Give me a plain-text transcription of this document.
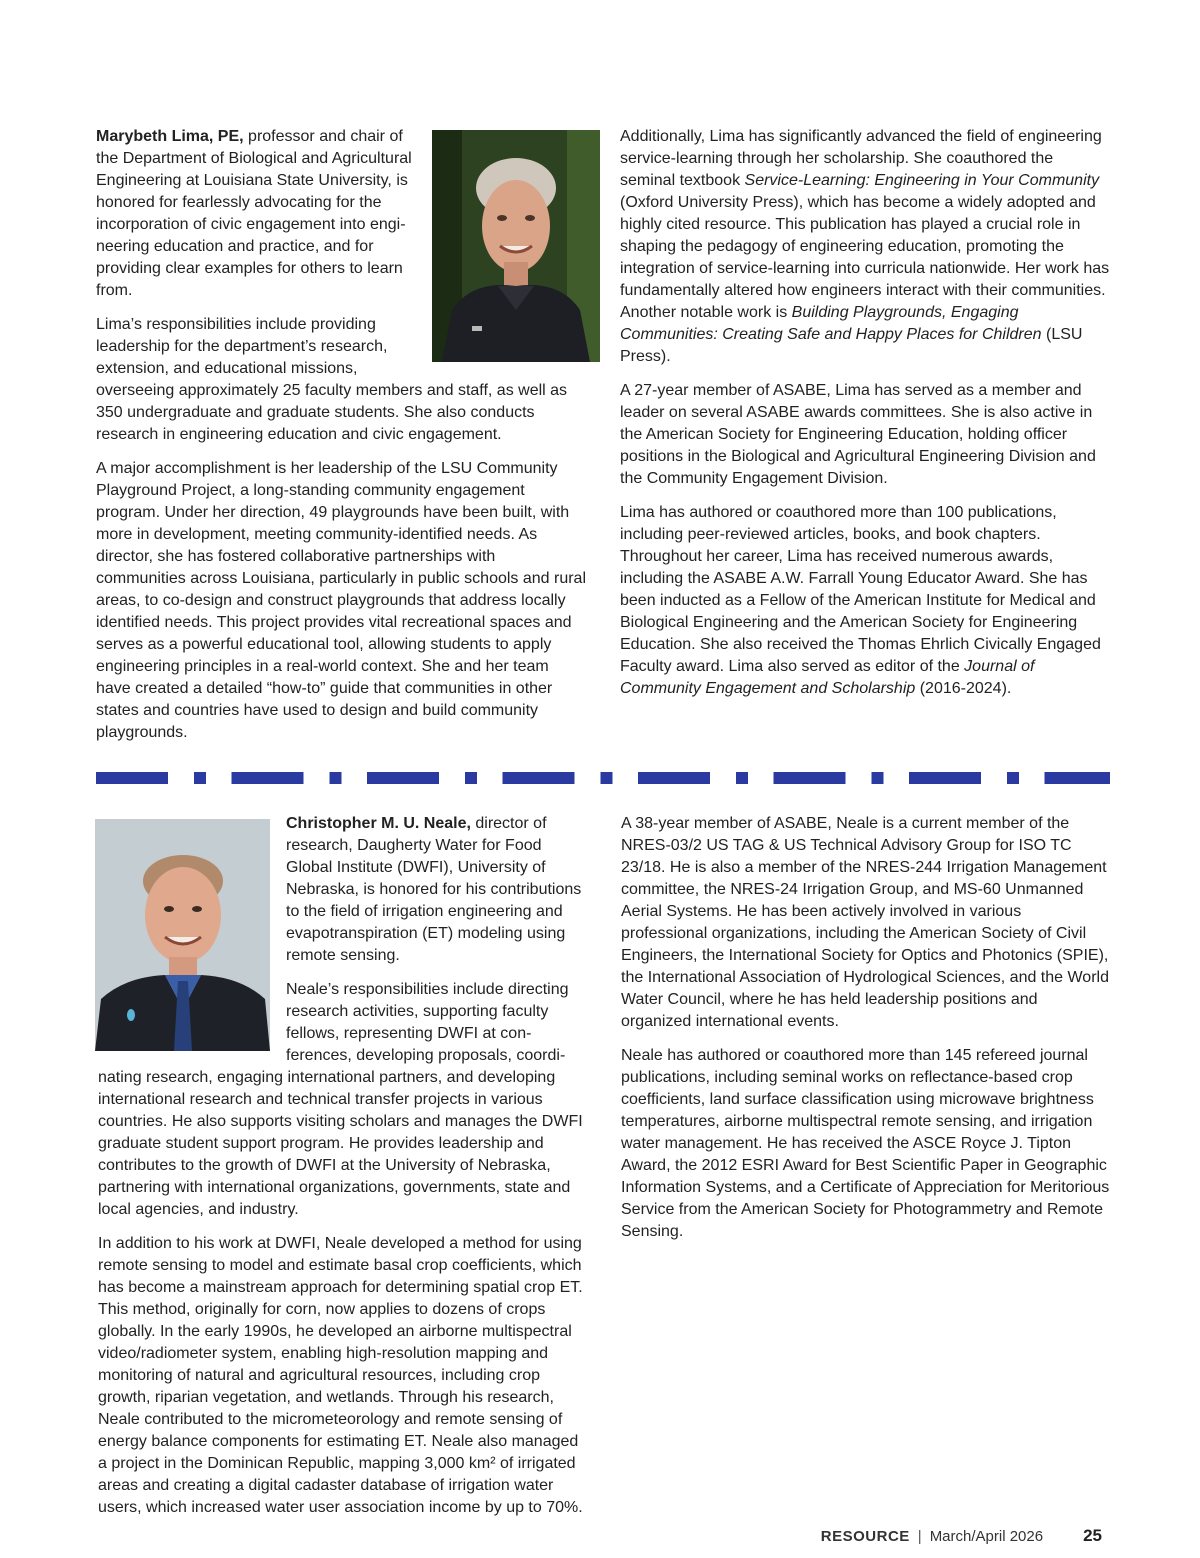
Marybeth Lima, PE, professor and chair of the Department of Biological and Agricultural Engineering at Louisiana State University, is honored for fearlessly advocating for the incorporation of civic engagement into engineering education and practice, and for providing clear examples for others to learn from.

Lima’s responsibilities include providing leadership for the department’s research, extension, and educational missions, overseeing approximately 25 faculty members and staff, as well as 350 undergraduate and graduate students. She also conducts research in engineering education and civic engagement.

A major accomplishment is her leadership of the LSU Community Playground Project, a long-standing community engagement program. Under her direction, 49 playgrounds have been built, with more in development, meeting community-identified needs. As director, she has fostered collaborative partnerships with communities across Louisiana, particularly in public schools and rural areas, to co-design and construct playgrounds that address locally identified needs. This project provides vital recreational spaces and serves as a powerful educational tool, allowing students to apply engineering principles in a real-world context. She and her team have created a detailed “how-to” guide that communities in other states and countries have used to design and build community playgrounds.

Additionally, Lima has significantly advanced the field of engineering service-learning through her scholarship. She coauthored the seminal textbook Service-Learning: Engineering in Your Community (Oxford University Press), which has become a widely adopted and highly cited resource. This publication has played a crucial role in shaping the pedagogy of engineering education, promoting the integration of service-learning into curricula nationwide. Her work has fundamentally altered how engineers interact with their communities. Another notable work is Building Playgrounds, Engaging Communities: Creating Safe and Happy Places for Children (LSU Press).

A 27-year member of ASABE, Lima has served as a member and leader on several ASABE awards committees. She is also active in the American Society for Engineering Education, holding officer positions in the Biological and Agricultural Engineering Division and the Community Engagement Division.

Lima has authored or coauthored more than 100 publications, including peer-reviewed articles, books, and book chapters. Throughout her career, Lima has received numerous awards, including the ASABE A.W. Farrall Young Educator Award. She has been inducted as a Fellow of the American Institute for Medical and Biological Engineering and the American Society for Engineering Education. She also received the Thomas Ehrlich Civically Engaged Faculty award. Lima also served as editor of the Journal of Community Engagement and Scholarship (2016-2024).

Christopher M. U. Neale, director of research, Daugherty Water for Food Global Institute (DWFI), University of Nebraska, is honored for his contributions to the field of irrigation engineering and evapotranspiration (ET) modeling using remote sensing.

Neale’s responsibilities include directing research activities, supporting faculty fellows, representing DWFI at conferences, developing proposals, coordinating research, engaging international partners, and developing international research and technical transfer projects in various countries. He also supports visiting scholars and manages the DWFI graduate student support program. He provides leadership and contributes to the growth of DWFI at the University of Nebraska, partnering with international organizations, governments, state and local agencies, and industry.

In addition to his work at DWFI, Neale developed a method for using remote sensing to model and estimate basal crop coefficients, which has become a mainstream approach for determining spatial crop ET. This method, originally for corn, now applies to dozens of crops globally. In the early 1990s, he developed an airborne multispectral video/radiometer system, enabling high-resolution mapping and monitoring of natural and agricultural resources, including crop growth, riparian vegetation, and wetlands. Through his research, Neale contributed to the micrometeorology and remote sensing of energy balance components for estimating ET. Neale also managed a project in the Dominican Republic, mapping 3,000 km² of irrigated areas and creating a digital cadaster database of irrigation water users, which increased water user association income by up to 70%.

A 38-year member of ASABE, Neale is a current member of the NRES-03/2 US TAG & US Technical Advisory Group for ISO TC 23/18. He is also a member of the NRES-244 Irrigation Management committee, the NRES-24 Irrigation Group, and MS-60 Unmanned Aerial Systems. He has been actively involved in various professional organizations, including the American Society of Civil Engineers, the International Society for Optics and Photonics (SPIE), the International Association of Hydrological Sciences, and the World Water Council, where he has held leadership positions and organized international events.

Neale has authored or coauthored more than 145 refereed journal publications, including seminal works on reflectance-based crop coefficients, land surface classification using microwave brightness temperatures, airborne multispectral remote sensing, and irrigation water management. He has received the ASCE Royce J. Tipton Award, the 2012 ESRI Award for Best Scientific Paper in Geographic Information Systems, and a Certificate of Appreciation for Meritorious Service from the American Society for Photogrammetry and Remote Sensing.

RESOURCE | March/April 2026 25
